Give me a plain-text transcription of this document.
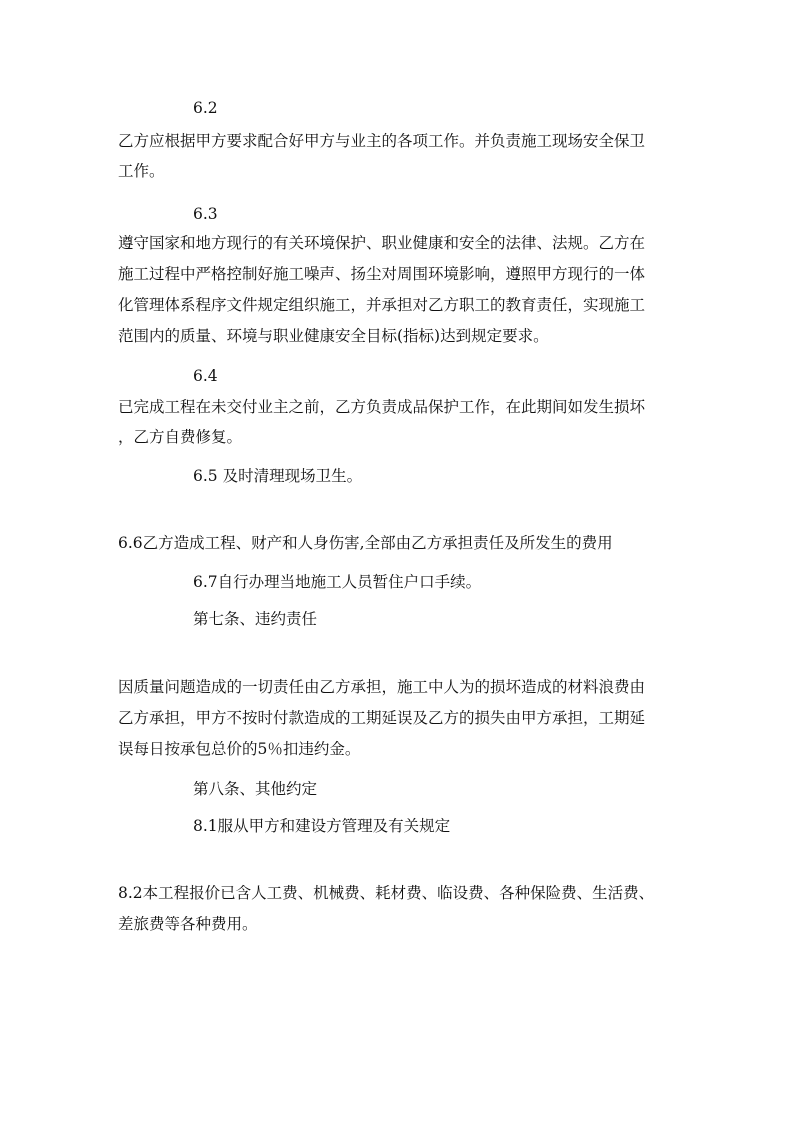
6.2
乙方应根据甲方要求配合好甲方与业主的各项工作。并负责施工现场安全保卫
工作。
6.3
遵守国家和地方现行的有关环境保护、职业健康和安全的法律、法规。乙方在
施工过程中严格控制好施工噪声、扬尘对周围环境影响，遵照甲方现行的一体
化管理体系程序文件规定组织施工，并承担对乙方职工的教育责任，实现施工
范围内的质量、环境与职业健康安全目标(指标)达到规定要求。
6.4
已完成工程在未交付业主之前，乙方负责成品保护工作，在此期间如发生损坏
，乙方自费修复。
6.5 及时清理现场卫生。
6.6乙方造成工程、财产和人身伤害,全部由乙方承担责任及所发生的费用
6.7自行办理当地施工人员暂住户口手续。
第七条、违约责任
因质量问题造成的一切责任由乙方承担，施工中人为的损坏造成的材料浪费由
乙方承担，甲方不按时付款造成的工期延误及乙方的损失由甲方承担，工期延
误每日按承包总价的5％扣违约金。
第八条、其他约定
8.1服从甲方和建设方管理及有关规定
8.2本工程报价已含人工费、机械费、耗材费、临设费、各种保险费、生活费、
差旅费等各种费用。
